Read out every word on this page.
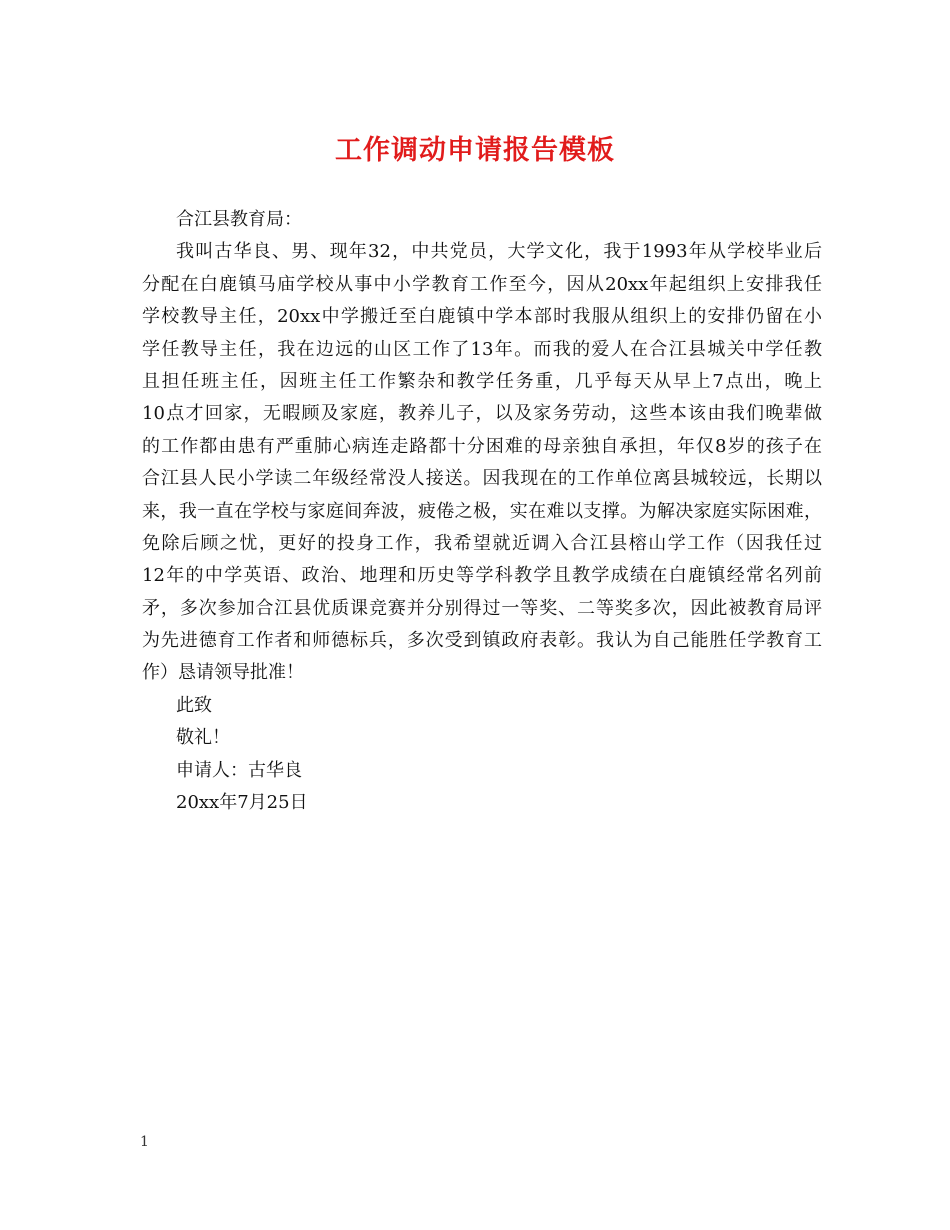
工作调动申请报告模板
合江县教育局：
我叫古华良、男、现年32，中共党员，大学文化，我于1993年从学校毕业后
分配在白鹿镇马庙学校从事中小学教育工作至今，因从20xx年起组织上安排我任
学校教导主任，20xx中学搬迁至白鹿镇中学本部时我服从组织上的安排仍留在小
学任教导主任，我在边远的山区工作了13年。而我的爱人在合江县城关中学任教
且担任班主任，因班主任工作繁杂和教学任务重，几乎每天从早上7点出，晚上
10点才回家，无暇顾及家庭，教养儿子，以及家务劳动，这些本该由我们晚辈做
的工作都由患有严重肺心病连走路都十分困难的母亲独自承担，年仅8岁的孩子在
合江县人民小学读二年级经常没人接送。因我现在的工作单位离县城较远，长期以
来，我一直在学校与家庭间奔波，疲倦之极，实在难以支撑。为解决家庭实际困难，
免除后顾之忧，更好的投身工作，我希望就近调入合江县榕山学工作（因我任过
12年的中学英语、政治、地理和历史等学科教学且教学成绩在白鹿镇经常名列前
矛，多次参加合江县优质课竞赛并分别得过一等奖、二等奖多次，因此被教育局评
为先进德育工作者和师德标兵，多次受到镇政府表彰。我认为自己能胜任学教育工
作）恳请领导批准！
此致
敬礼！
申请人：古华良
20xx年7月25日
1
